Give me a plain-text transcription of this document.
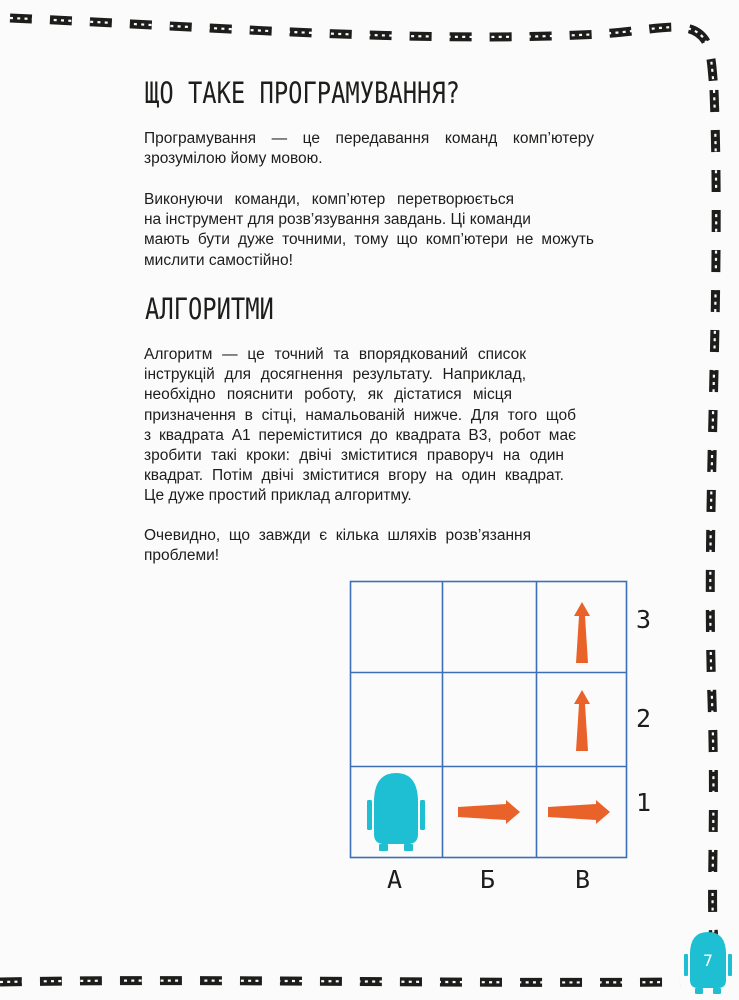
ЩО ТАКЕ ПРОГРАМУВАННЯ?
Програмування — це передавання команд комп’ютеру
зрозумілою йому мовою.
Виконуючи команди, комп’ютер перетворюється
на інструмент для розв’язування завдань. Ці команди
мають бути дуже точними, тому що комп’ютери не можуть
мислити самостійно!
АЛГОРИТМИ
Алгоритм — це точний та впорядкований список
інструкцій для досягнення результату. Наприклад,
необхідно пояснити роботу, як дістатися місця
призначення в сітці, намальованій нижче. Для того щоб
з квадрата А1 переміститися до квадрата В3, робот має
зробити такі кроки: двічі зміститися праворуч на один
квадрат. Потім двічі зміститися вгору на один квадрат.
Це дуже простий приклад алгоритму.
Очевидно, що завжди є кілька шляхів розв’язання
проблеми!
3
2
1
А	Б	В
7
